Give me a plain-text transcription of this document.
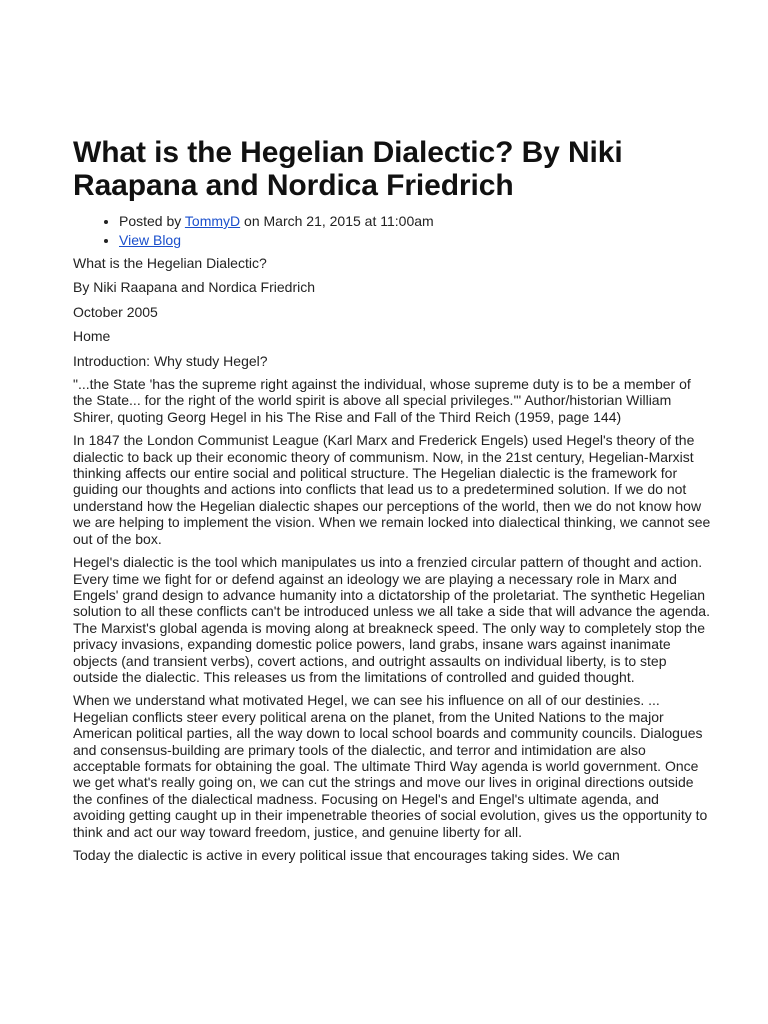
What is the Hegelian Dialectic? By Niki Raapana and Nordica Friedrich
• Posted by TommyD on March 21, 2015 at 11:00am
• View Blog

What is the Hegelian Dialectic?

By Niki Raapana and Nordica Friedrich

October 2005

Home

Introduction: Why study Hegel?

"...the State 'has the supreme right against the individual, whose supreme duty is to be a member of the State... for the right of the world spirit is above all special privileges.'" Author/historian William Shirer, quoting Georg Hegel in his The Rise and Fall of the Third Reich (1959, page 144)

In 1847 the London Communist League (Karl Marx and Frederick Engels) used Hegel's theory of the dialectic to back up their economic theory of communism. Now, in the 21st century, Hegelian-Marxist thinking affects our entire social and political structure. The Hegelian dialectic is the framework for guiding our thoughts and actions into conflicts that lead us to a predetermined solution. If we do not understand how the Hegelian dialectic shapes our perceptions of the world, then we do not know how we are helping to implement the vision. When we remain locked into dialectical thinking, we cannot see out of the box.

Hegel's dialectic is the tool which manipulates us into a frenzied circular pattern of thought and action. Every time we fight for or defend against an ideology we are playing a necessary role in Marx and Engels' grand design to advance humanity into a dictatorship of the proletariat. The synthetic Hegelian solution to all these conflicts can't be introduced unless we all take a side that will advance the agenda. The Marxist's global agenda is moving along at breakneck speed. The only way to completely stop the privacy invasions, expanding domestic police powers, land grabs, insane wars against inanimate objects (and transient verbs), covert actions, and outright assaults on individual liberty, is to step outside the dialectic. This releases us from the limitations of controlled and guided thought.

When we understand what motivated Hegel, we can see his influence on all of our destinies. ... Hegelian conflicts steer every political arena on the planet, from the United Nations to the major American political parties, all the way down to local school boards and community councils. Dialogues and consensus-building are primary tools of the dialectic, and terror and intimidation are also acceptable formats for obtaining the goal. The ultimate Third Way agenda is world government. Once we get what's really going on, we can cut the strings and move our lives in original directions outside the confines of the dialectical madness. Focusing on Hegel's and Engel's ultimate agenda, and avoiding getting caught up in their impenetrable theories of social evolution, gives us the opportunity to think and act our way toward freedom, justice, and genuine liberty for all.

Today the dialectic is active in every political issue that encourages taking sides. We can
